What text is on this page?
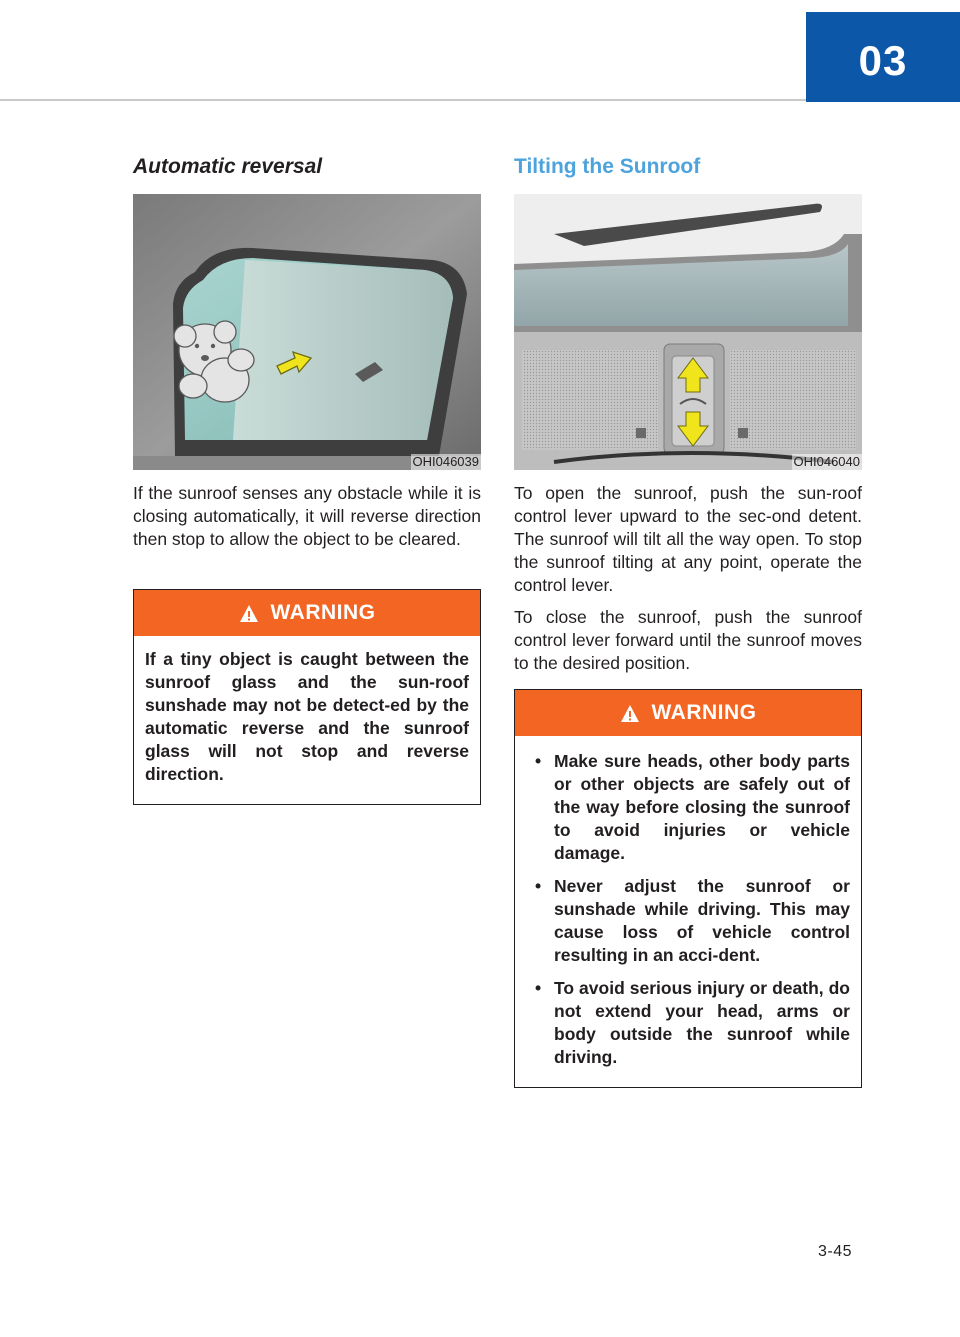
03
Automatic reversal
OHI046039

If the sunroof senses any obstacle while it is closing automatically, it will reverse direction then stop to allow the object to be cleared.

WARNING
If a tiny object is caught between the sunroof glass and the sun-roof sunshade may not be detect-ed by the automatic reverse and the sunroof glass will not stop and reverse direction.
Tilting the Sunroof
OHI046040

To open the sunroof, push the sun-roof control lever upward to the sec-ond detent. The sunroof will tilt all the way open. To stop the sunroof tilting at any point, operate the control lever.

To close the sunroof, push the sunroof control lever forward until the sunroof moves to the desired position.

WARNING
• Make sure heads, other body parts or other objects are safely out of the way before closing the sunroof to avoid injuries or vehicle damage.
• Never adjust the sunroof or sunshade while driving. This may cause loss of vehicle control resulting in an acci-dent.
• To avoid serious injury or death, do not extend your head, arms or body outside the sunroof while driving.
3-45
